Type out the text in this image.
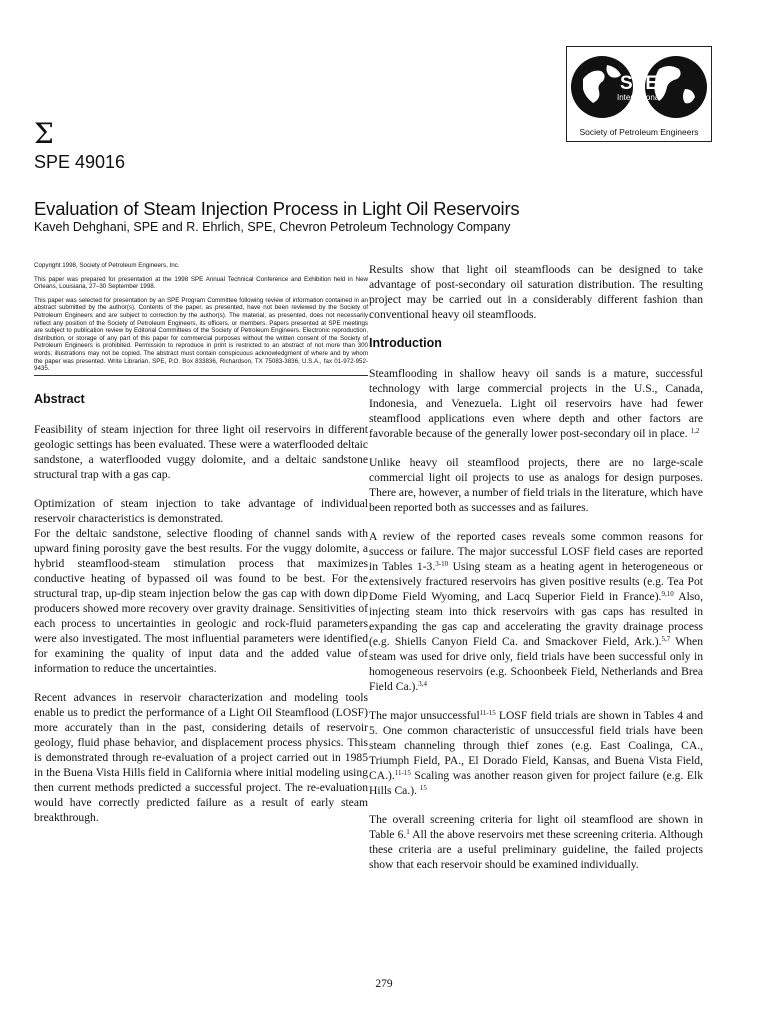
Σ
SPE 49016
Evaluation of Steam Injection Process in Light Oil Reservoirs
Kaveh Dehghani, SPE and R. Ehrlich, SPE, Chevron Petroleum Technology Company
SPE
International
Society of Petroleum Engineers

Copyright 1998, Society of Petroleum Engineers, Inc.

This paper was prepared for presentation at the 1998 SPE Annual Technical Conference and Exhibition held in New Orleans, Louisiana, 27–30 September 1998.

This paper was selected for presentation by an SPE Program Committee following review of information contained in an abstract submitted by the author(s). Contents of the paper, as presented, have not been reviewed by the Society of Petroleum Engineers and are subject to correction by the author(s). The material, as presented, does not necessarily reflect any position of the Society of Petroleum Engineers, its officers, or members. Papers presented at SPE meetings are subject to publication review by Editorial Committees of the Society of Petroleum Engineers. Electronic reproduction, distribution, or storage of any part of this paper for commercial purposes without the written consent of the Society of Petroleum Engineers is prohibited. Permission to reproduce in print is restricted to an abstract of not more than 300 words; illustrations may not be copied. The abstract must contain conspicuous acknowledgment of where and by whom the paper was presented. Write Librarian, SPE, P.O. Box 833836, Richardson, TX 75083-3836, U.S.A., fax 01-972-952-9435.

Abstract

Feasibility of steam injection for three light oil reservoirs in different geologic settings has been evaluated. These were a waterflooded deltaic sandstone, a waterflooded vuggy dolomite, and a deltaic sandstone structural trap with a gas cap.

Optimization of steam injection to take advantage of individual reservoir characteristics is demonstrated.

For the deltaic sandstone, selective flooding of channel sands with upward fining porosity gave the best results. For the vuggy dolomite, a hybrid steamflood-steam stimulation process that maximizes conductive heating of bypassed oil was found to be best. For the structural trap, up-dip steam injection below the gas cap with down dip producers showed more recovery over gravity drainage. Sensitivities of each process to uncertainties in geologic and rock-fluid parameters were also investigated. The most influential parameters were identified for examining the quality of input data and the added value of information to reduce the uncertainties.

Recent advances in reservoir characterization and modeling tools enable us to predict the performance of a Light Oil Steamflood (LOSF) more accurately than in the past, considering details of reservoir geology, fluid phase behavior, and displacement process physics. This is demonstrated through re-evaluation of a project carried out in 1985 in the Buena Vista Hills field in California where initial modeling using then current methods predicted a successful project. The re-evaluation would have correctly predicted failure as a result of early steam breakthrough.

Results show that light oil steamfloods can be designed to take advantage of post-secondary oil saturation distribution. The resulting project may be carried out in a considerably different fashion than conventional heavy oil steamfloods.

Introduction

Steamflooding in shallow heavy oil sands is a mature, successful technology with large commercial projects in the U.S., Canada, Indonesia, and Venezuela. Light oil reservoirs have had fewer steamflood applications even where depth and other factors are favorable because of the generally lower post-secondary oil in place. $^{1,2}$

Unlike heavy oil steamflood projects, there are no large-scale commercial light oil projects to use as analogs for design purposes. There are, however, a number of field trials in the literature, which have been reported both as successes and as failures.

A review of the reported cases reveals some common reasons for success or failure. The major successful LOSF field cases are reported in Tables 1-3.$^{3-10}$ Using steam as a heating agent in heterogeneous or extensively fractured reservoirs has given positive results (e.g. Tea Pot Dome Field Wyoming, and Lacq Superior Field in France).$^{9,10}$ Also, injecting steam into thick reservoirs with gas caps has resulted in expanding the gas cap and accelerating the gravity drainage process (e.g. Shiells Canyon Field Ca. and Smackover Field, Ark.).$^{5,7}$ When steam was used for drive only, field trials have been successful only in homogeneous reservoirs (e.g. Schoonbeek Field, Netherlands and Brea Field Ca.).$^{3,4}$

The major unsuccessful$^{11-15}$ LOSF field trials are shown in Tables 4 and 5. One common characteristic of unsuccessful field trials have been steam channeling through thief zones (e.g. East Coalinga, CA., Triumph Field, PA., El Dorado Field, Kansas, and Buena Vista Field, CA.).$^{11-15}$ Scaling was another reason given for project failure (e.g. Elk Hills Ca.). $^{15}$

The overall screening criteria for light oil steamflood are shown in Table 6.$^1$ All the above reservoirs met these screening criteria. Although these criteria are a useful preliminary guideline, the failed projects show that each reservoir should be examined individually.

279
